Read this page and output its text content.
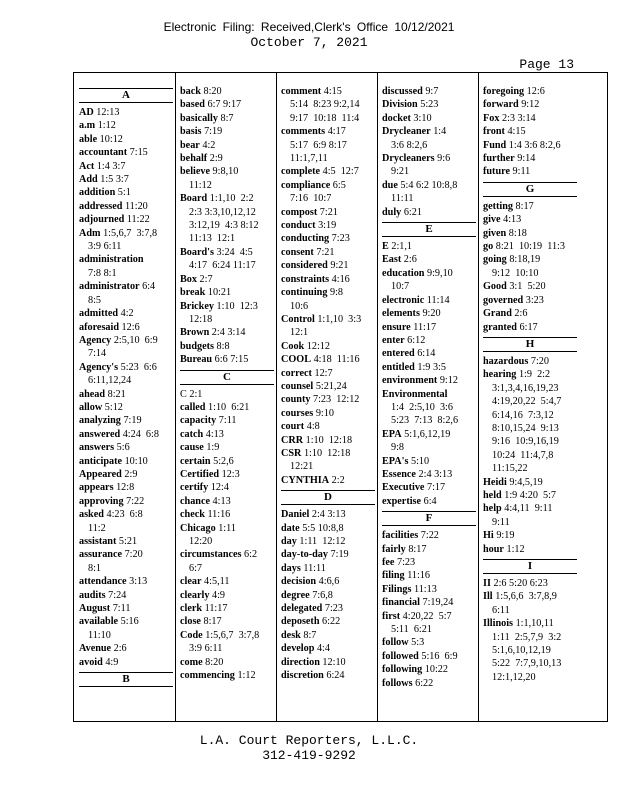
Electronic Filing: Received,Clerk's Office 10/12/2021
October 7, 2021
Page 13
A
AD 12:13
a.m 1:12
able 10:12
accountant 7:15
Act 1:4 3:7
Add 1:5 3:7
addition 5:1
addressed 11:20
adjourned 11:22
Adm 1:5,6,7  3:7,8
3:9 6:11
administration
7:8 8:1
administrator 6:4
8:5
admitted 4:2
aforesaid 12:6
Agency 2:5,10  6:9
7:14
Agency's 5:23  6:6
6:11,12,24
ahead 8:21
allow 5:12
analyzing 7:19
answered 4:24  6:8
answers 5:6
anticipate 10:10
Appeared 2:9
appears 12:8
approving 7:22
asked 4:23  6:8
11:2
assistant 5:21
assurance 7:20
8:1
attendance 3:13
audits 7:24
August 7:11
available 5:16
11:10
Avenue 2:6
avoid 4:9
B
back 8:20
based 6:7 9:17
basically 8:7
basis 7:19
bear 4:2
behalf 2:9
believe 9:8,10
11:12
Board 1:1,10  2:2
2:3 3:3,10,12,12
3:12,19  4:3 8:12
11:13  12:1
Board's 3:24  4:5
4:17  6:24 11:17
Box 2:7
break 10:21
Brickey 1:10  12:3
12:18
Brown 2:4 3:14
budgets 8:8
Bureau 6:6 7:15
C
C 2:1
called 1:10  6:21
capacity 7:11
catch 4:13
cause 1:9
certain 5:2,6
Certified 12:3
certify 12:4
chance 4:13
check 11:16
Chicago 1:11
12:20
circumstances 6:2
6:7
clear 4:5,11
clearly 4:9
clerk 11:17
close 8:17
Code 1:5,6,7  3:7,8
3:9 6:11
come 8:20
commencing 1:12
comment 4:15
5:14  8:23 9:2,14
9:17  10:18  11:4
comments 4:17
5:17  6:9 8:17
11:1,7,11
complete 4:5  12:7
compliance 6:5
7:16  10:7
compost 7:21
conduct 3:19
conducting 7:23
consent 7:21
considered 9:21
constraints 4:16
continuing 9:8
10:6
Control 1:1,10  3:3
12:1
Cook 12:12
COOL 4:18  11:16
correct 12:7
counsel 5:21,24
county 7:23  12:12
courses 9:10
court 4:8
CRR 1:10  12:18
CSR 1:10  12:18
12:21
CYNTHIA 2:2
D
Daniel 2:4 3:13
date 5:5 10:8,8
day 1:11  12:12
day-to-day 7:19
days 11:11
decision 4:6,6
degree 7:6,8
delegated 7:23
deposeth 6:22
desk 8:7
develop 4:4
direction 12:10
discretion 6:24
discussed 9:7
Division 5:23
docket 3:10
Drycleaner 1:4
3:6 8:2,6
Drycleaners 9:6
9:21
due 5:4 6:2 10:8,8
11:11
duly 6:21
E
E 2:1,1
East 2:6
education 9:9,10
10:7
electronic 11:14
elements 9:20
ensure 11:17
enter 6:12
entered 6:14
entitled 1:9 3:5
environment 9:12
Environmental
1:4  2:5,10  3:6
5:23  7:13  8:2,6
EPA 5:1,6,12,19
9:8
EPA's 5:10
Essence 2:4 3:13
Executive 7:17
expertise 6:4
F
facilities 7:22
fairly 8:17
fee 7:23
filing 11:16
Filings 11:13
financial 7:19,24
first 4:20,22  5:7
5:11  6:21
follow 5:3
followed 5:16  6:9
following 10:22
follows 6:22
foregoing 12:6
forward 9:12
Fox 2:3 3:14
front 4:15
Fund 1:4 3:6 8:2,6
further 9:14
future 9:11
G
getting 8:17
give 4:13
given 8:18
go 8:21  10:19  11:3
going 8:18,19
9:12  10:10
Good 3:1  5:20
governed 3:23
Grand 2:6
granted 6:17
H
hazardous 7:20
hearing 1:9  2:2
3:1,3,4,16,19,23
4:19,20,22  5:4,7
6:14,16  7:3,12
8:10,15,24  9:13
9:16  10:9,16,19
10:24  11:4,7,8
11:15,22
Heidi 9:4,5,19
held 1:9 4:20  5:7
help 4:4,11  9:11
9:11
Hi 9:19
hour 1:12
I
II 2:6 5:20 6:23
Ill 1:5,6,6  3:7,8,9
6:11
Illinois 1:1,10,11
1:11  2:5,7,9  3:2
5:1,6,10,12,19
5:22  7:7,9,10,13
12:1,12,20
L.A. Court Reporters, L.L.C.
312-419-9292
